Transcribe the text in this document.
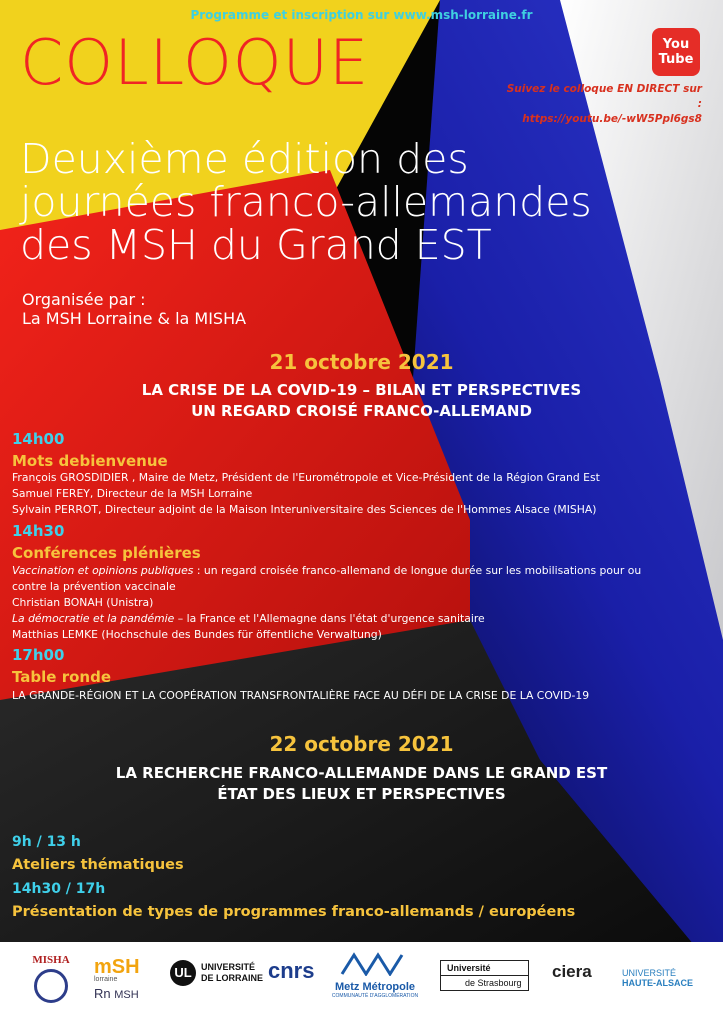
Programme et inscription sur www.msh-lorraine.fr
COLLOQUE	You Tube
Suivez le colloque EN DIRECT sur :
https://youtu.be/-wW5Ppl6gs8
Deuxième édition des
journées franco-allemandes
des MSH du Grand EST
Organisée par :
La MSH Lorraine & la MISHA
21 octobre 2021
LA CRISE DE LA COVID-19 – BILAN ET PERSPECTIVES
UN REGARD CROISÉ FRANCO-ALLEMAND
14h00
Mots debienvenue
François GROSDIDIER , Maire de Metz, Président de l'Eurométropole et Vice-Président de la Région Grand Est
Samuel FEREY, Directeur de la MSH Lorraine
Sylvain PERROT, Directeur adjoint de la Maison Interuniversitaire des Sciences de l'Hommes Alsace (MISHA)
14h30
Conférences plénières
Vaccination et opinions publiques : un regard croisée franco-allemand de longue durée sur les mobilisations pour ou
contre la prévention vaccinale
Christian BONAH (Unistra)
La démocratie et la pandémie – la France et l'Allemagne dans l'état d'urgence sanitaire
Matthias LEMKE (Hochschule des Bundes für öffentliche Verwaltung)
17h00
Table ronde
LA GRANDE-RÉGION ET LA COOPÉRATION TRANSFRONTALIÈRE FACE AU DÉFI DE LA CRISE DE LA COVID-19
22 octobre 2021
LA RECHERCHE FRANCO-ALLEMANDE DANS LE GRAND EST
ÉTAT DES LIEUX ET PERSPECTIVES
9h / 13 h
Ateliers thématiques
14h30 / 17h
Présentation de types de programmes franco-allemands / européens
MISHA	mSH
lorraine
Rn MSH
UL	UNIVERSITÉ
DE LORRAINE cnrs
Metz Métropole
COMMUNAUTÉ D'AGGLOMÉRATION
Université
de Strasbourg
ciera	UNIVERSITÉ
HAUTE-ALSACE
